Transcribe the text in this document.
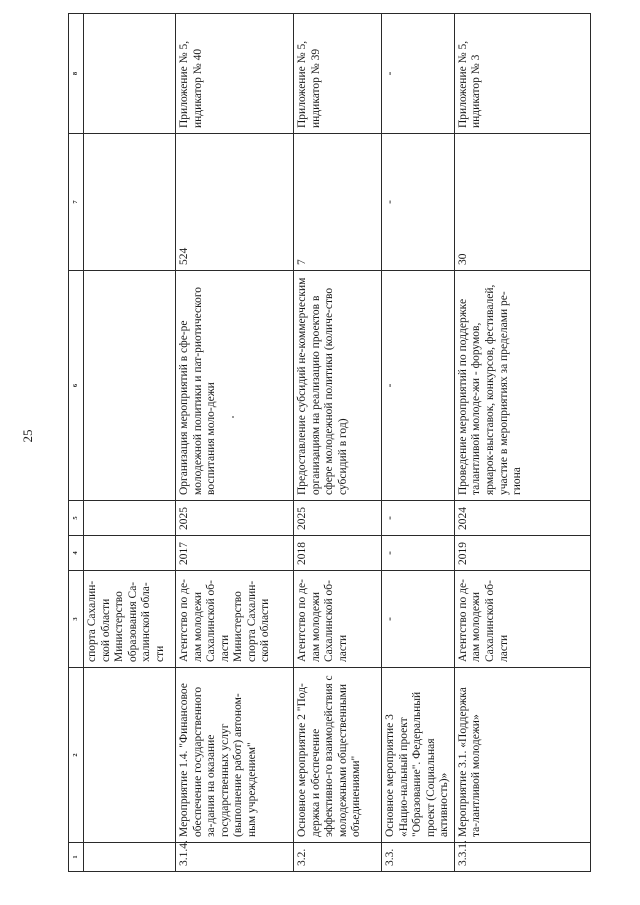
25
1	2	3	4	5	6	7	8
		спорта Сахалин-ской области Министерство образования Са-халинской обла-сти					
3.1.4.	Мероприятие 1.4. "Финансовое обеспечение государственного за-дания на оказание государственных услуг (выполнение работ) автоном-ным учреждением"	Агентство по де-лам молодежи Сахалинской об-ласти Министерство спорта Сахалин-ской области	2017	2025	Организация мероприятий в сфе-ре молодежной политики и пат-риотического воспитания моло-дежи	524	Приложение № 5, индикатор № 40
3.2.	Основное мероприятие 2 "Под-держка и обеспечение эффективно-го взаимодействия с молодежными общественными объединениями"	Агентство по де-лам молодежи Сахалинской об-ласти	2018	2025	Предоставление субсидий не-коммерческим организациям на реализацию проектов в сфере молодежной политики (количе-ство субсидий в год)	7	Приложение № 5, индикатор № 39
3.3.	Основное мероприятие 3 «Нацио-нальный проект "Образование". Федеральный проект (Социальная активность)»	-	-	-	-	-	-
3.3.1.	Мероприятие 3.1. «Поддержка та-лантливой молодежи»	Агентство по де-лам молодежи Сахалинской об-ласти	2019	2024	Проведение мероприятий по поддержке талантливой молоде-жи - форумов, ярмарок-выставок, конкурсов, фестивалей, участие в мероприятиях за пределами ре-гиона	30	Приложение № 5, индикатор № 3
